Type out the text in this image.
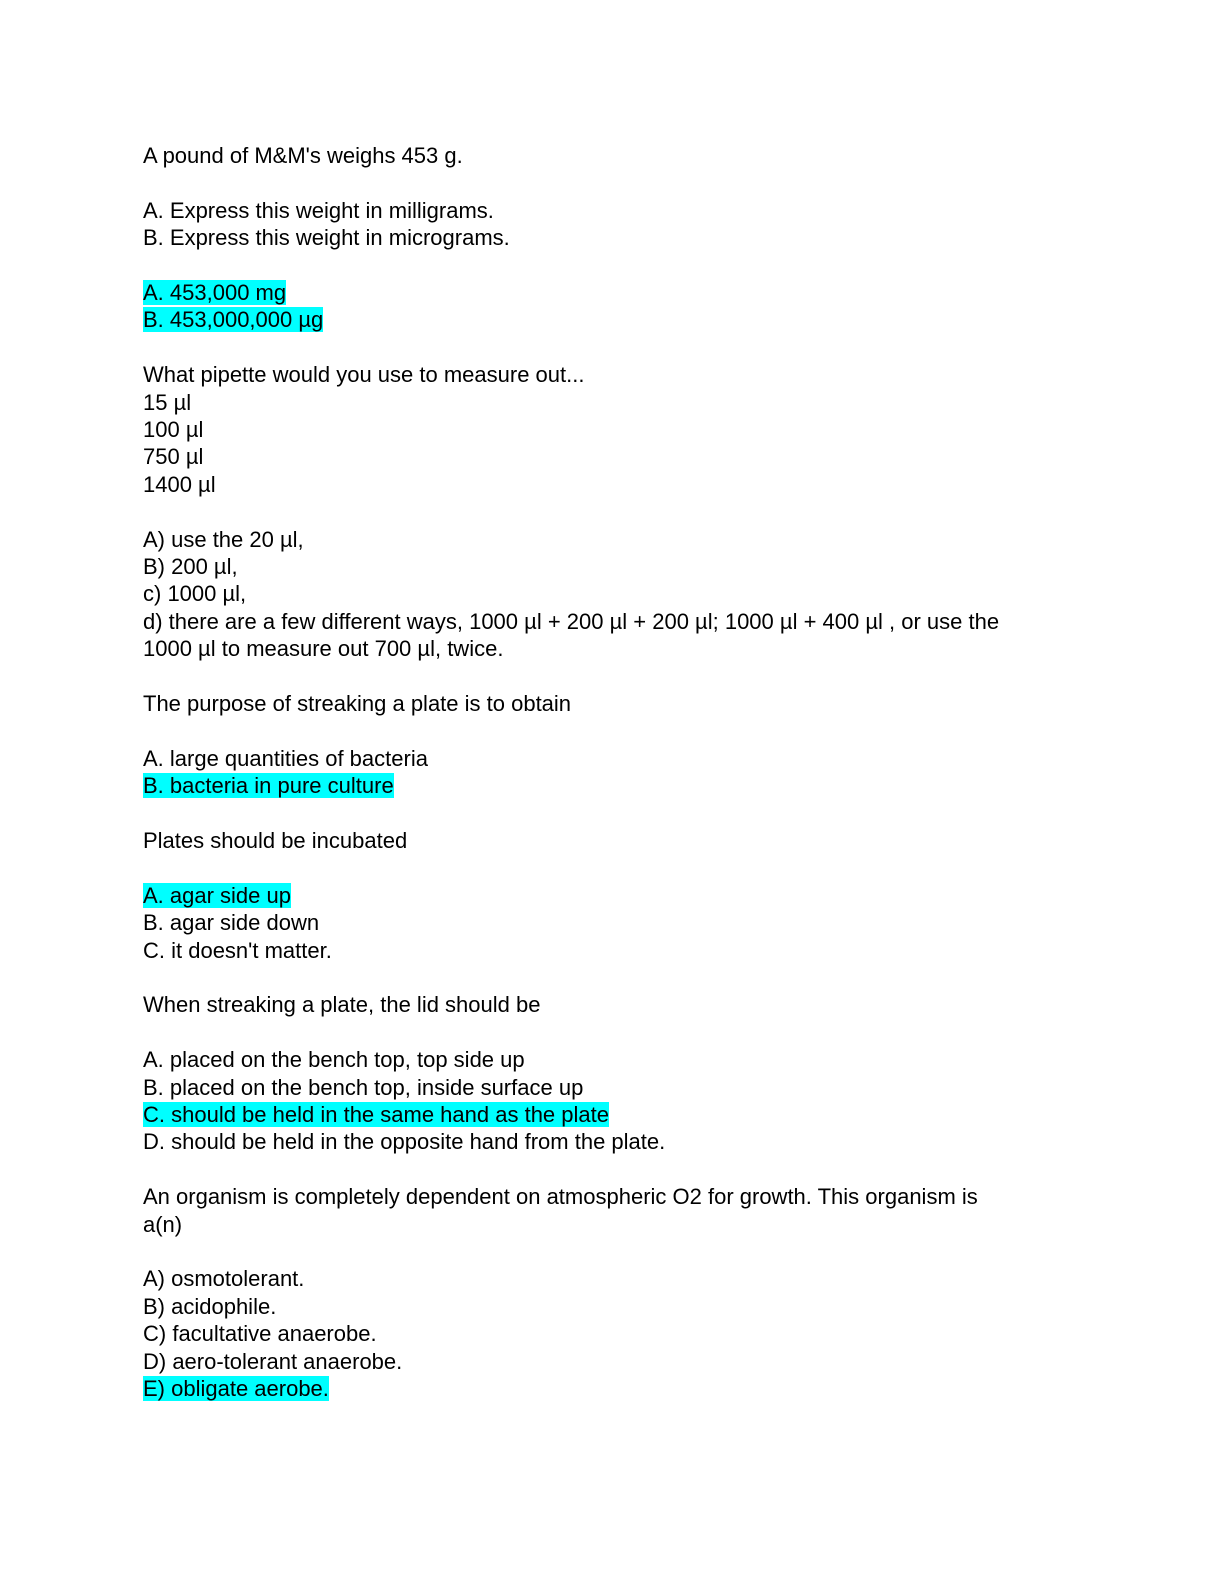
A pound of M&M's weighs 453 g.
A. Express this weight in milligrams.
B. Express this weight in micrograms.
A. 453,000 mg
B. 453,000,000 µg
What pipette would you use to measure out...
15 µl
100 µl
750 µl
1400 µl
A) use the 20 µl,
B) 200 µl,
c) 1000 µl,
d) there are a few different ways, 1000 µl + 200 µl + 200 µl; 1000 µl + 400 µl , or use the
1000 µl to measure out 700 µl, twice.
The purpose of streaking a plate is to obtain
A. large quantities of bacteria
B. bacteria in pure culture
Plates should be incubated
A. agar side up
B. agar side down
C. it doesn't matter.
When streaking a plate, the lid should be
A. placed on the bench top, top side up
B. placed on the bench top, inside surface up
C. should be held in the same hand as the plate
D. should be held in the opposite hand from the plate.
An organism is completely dependent on atmospheric O2 for growth. This organism is
a(n)
A) osmotolerant.
B) acidophile.
C) facultative anaerobe.
D) aero-tolerant anaerobe.
E) obligate aerobe.
